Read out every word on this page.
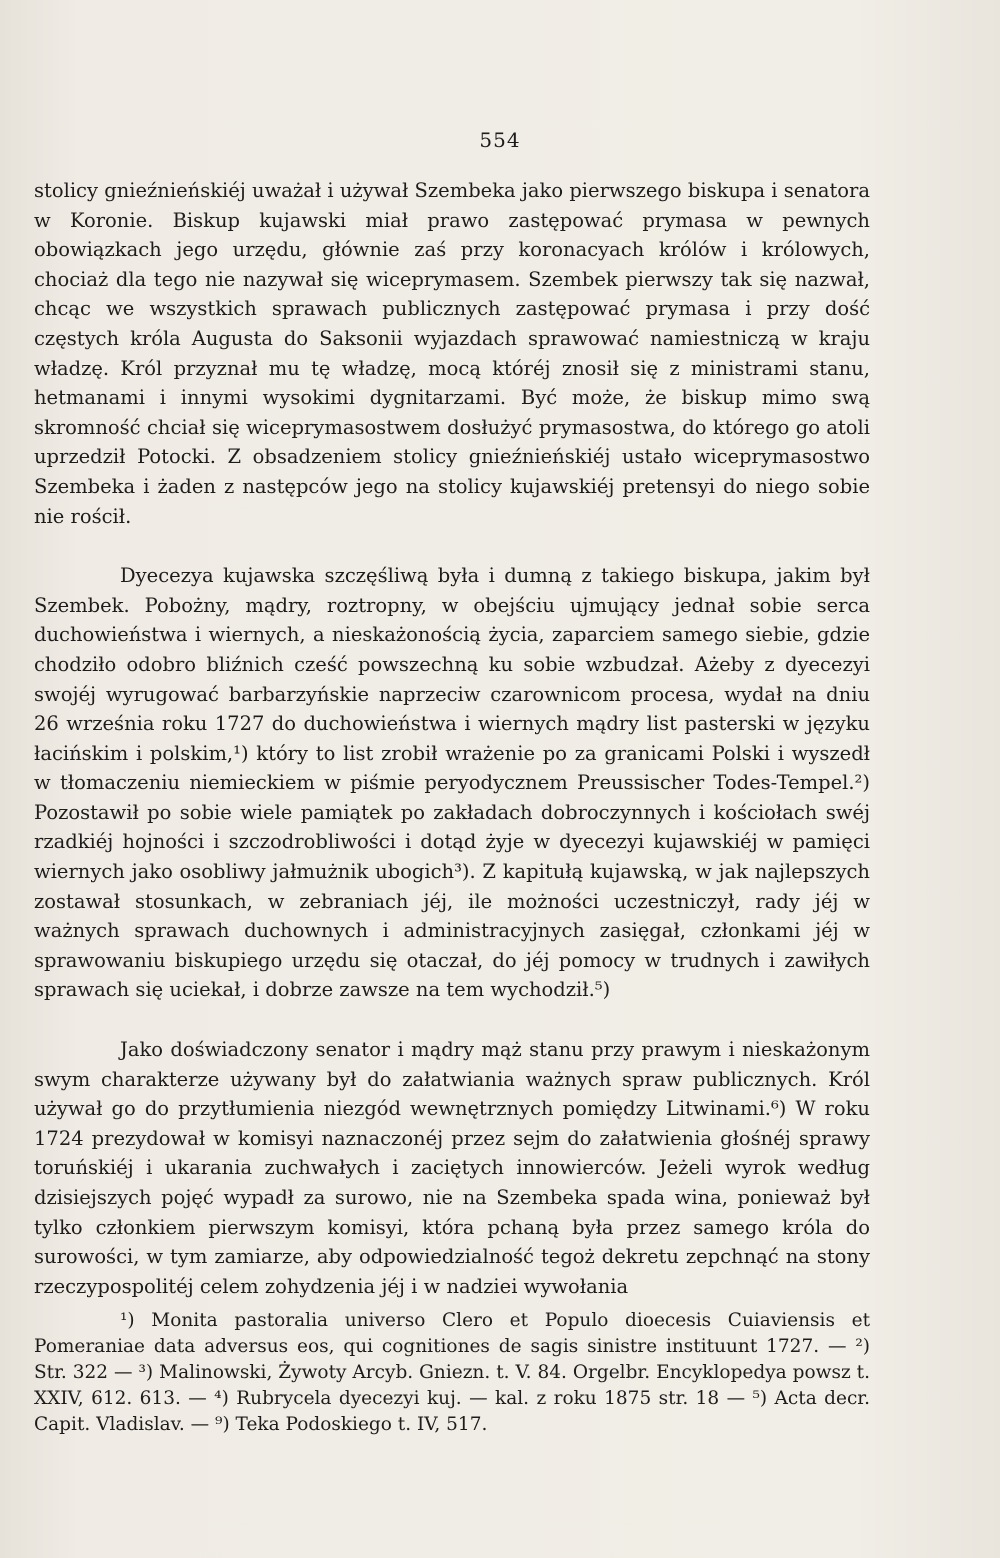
554

stolicy gnieźnieńskiéj uważał i używał Szembeka jako pierwszego biskupa i senatora w Koronie. Biskup kujawski miał prawo zastępować prymasa w pewnych obowiązkach jego urzędu, głównie zaś przy koronacyach królów i królowych, chociaż dla tego nie nazywał się wiceprymasem. Szembek pierwszy tak się nazwał, chcąc we wszystkich sprawach publicznych zastępować prymasa i przy dość częstych króla Augusta do Saksonii wyjazdach sprawować namiestniczą w kraju władzę. Król przyznał mu tę władzę, mocą któréj znosił się z ministrami stanu, hetmanami i innymi wysokimi dygnitarzami. Być może, że biskup mimo swą skromność chciał się wiceprymasostwem dosłużyć prymasostwa, do którego go atoli uprzedził Potocki. Z obsadzeniem stolicy gnieźnieńskiéj ustało wiceprymasostwo Szembeka i żaden z następców jego na stolicy kujawskiéj pretensyi do niego sobie nie rościł.

Dyecezya kujawska szczęśliwą była i dumną z takiego biskupa, jakim był Szembek. Pobożny, mądry, roztropny, w obejściu ujmujący jednał sobie serca duchowieństwa i wiernych, a nieskażonością życia, zaparciem samego siebie, gdzie chodziło odobro bliźnich cześć powszechną ku sobie wzbudzał. Ażeby z dyecezyi swojéj wyrugować barbarzyńskie naprzeciw czarownicom procesa, wydał na dniu 26 września roku 1727 do duchowieństwa i wiernych mądry list pasterski w języku łacińskim i polskim,¹) który to list zrobił wrażenie po za granicami Polski i wyszedł w tłomaczeniu niemieckiem w piśmie peryodycznem Preussischer Todes-Tempel.²) Pozostawił po sobie wiele pamiątek po zakładach dobroczynnych i kościołach swéj rzadkiéj hojności i szczodrobliwości i dotąd żyje w dyecezyi kujawskiéj w pamięci wiernych jako osobliwy jałmużnik ubogich³). Z kapitułą kujawską, w jak najlepszych zostawał stosunkach, w zebraniach jéj, ile możności uczestniczył, rady jéj w ważnych sprawach duchownych i administracyjnych zasięgał, członkami jéj w sprawowaniu biskupiego urzędu się otaczał, do jéj pomocy w trudnych i zawiłych sprawach się uciekał, i dobrze zawsze na tem wychodził.⁵)

Jako doświadczony senator i mądry mąż stanu przy prawym i nieskażonym swym charakterze używany był do załatwiania ważnych spraw publicznych. Król używał go do przytłumienia niezgód wewnętrznych pomiędzy Litwinami.⁶) W roku 1724 prezydował w komisyi naznaczonéj przez sejm do załatwienia głośnéj sprawy toruńskiéj i ukarania zuchwałych i zaciętych innowierców. Jeżeli wyrok według dzisiejszych pojęć wypadł za surowo, nie na Szembeka spada wina, ponieważ był tylko członkiem pierwszym komisyi, która pchaną była przez samego króla do surowości, w tym zamiarze, aby odpowiedzialność tegoż dekretu zepchnąć na stony rzeczypospolitéj celem zohydzenia jéj i w nadziei wywołania

¹) Monita pastoralia universo Clero et Populo dioecesis Cuiaviensis et Pomeraniae data adversus eos, qui cognitiones de sagis sinistre instituunt 1727. — ²) Str. 322 — ³) Malinowski, Żywoty Arcyb. Gniezn. t. V. 84. Orgelbr. Encyklopedya powsz t. XXIV, 612. 613. — ⁴) Rubrycela dyecezyi kuj. — kal. z roku 1875 str. 18 — ⁵) Acta decr. Capit. Vladislav. — ⁹) Teka Podoskiego t. IV, 517.
